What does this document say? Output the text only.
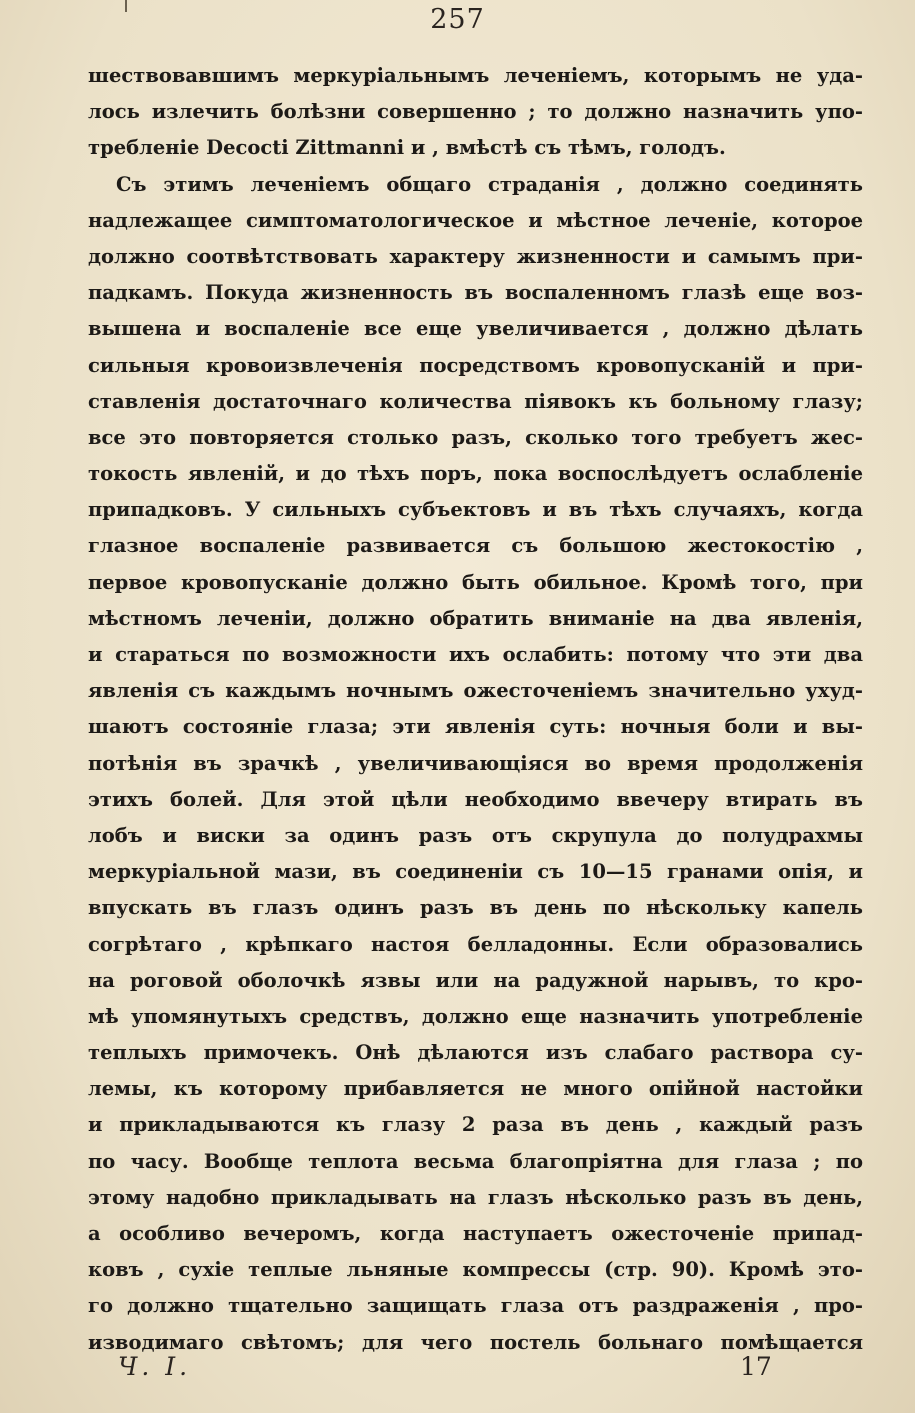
257
шествовавшимъ меркуріальнымъ леченіемъ, которымъ не уда-
лось излечить болѣзни совершенно ; то должно назначить упо-
требленіе Decocti Zittmanni и , вмѣстѣ съ тѣмъ, голодъ.
Съ этимъ леченіемъ общаго страданія , должно соединять
надлежащее симптоматологическое и мѣстное леченіе, которое
должно соотвѣтствовать характеру жизненности и самымъ при-
падкамъ. Покуда жизненность въ воспаленномъ глазѣ еще воз-
вышена и воспаленіе все еще увеличивается , должно дѣлать
сильныя кровоизвлеченія посредствомъ кровопусканій и при-
ставленія достаточнаго количества піявокъ къ больному глазу;
все это повторяется столько разъ, сколько того требуетъ жес-
токость явленій, и до тѣхъ поръ, пока воспослѣдуетъ ослабленіе
припадковъ. У сильныхъ субъектовъ и въ тѣхъ случаяхъ, когда
глазное воспаленіе развивается съ большою жестокостію ,
первое кровопусканіе должно быть обильное. Кромѣ того, при
мѣстномъ леченіи, должно обратить вниманіе на два явленія,
и стараться по возможности ихъ ослабить: потому что эти два
явленія съ каждымъ ночнымъ ожесточеніемъ значительно ухуд-
шаютъ состояніе глаза; эти явленія суть: ночныя боли и вы-
потѣнія въ зрачкѣ , увеличивающіяся во время продолженія
этихъ болей. Для этой цѣли необходимо ввечеру втирать въ
лобъ и виски за одинъ разъ отъ скрупула до полудрахмы
меркуріальной мази, въ соединеніи съ 10—15 гранами опія, и
впускать въ глазъ одинъ разъ въ день по нѣскольку капель
согрѣтаго , крѣпкаго настоя белладонны. Если образовались
на роговой оболочкѣ язвы или на радужной нарывъ, то кро-
мѣ упомянутыхъ средствъ, должно еще назначить употребленіе
теплыхъ примочекъ. Онѣ дѣлаются изъ слабаго раствора су-
лемы, къ которому прибавляется не много опійной настойки
и прикладываются къ глазу 2 раза въ день , каждый разъ
по часу. Вообще теплота весьма благопріятна для глаза ; по
этому надобно прикладывать на глазъ нѣсколько разъ въ день,
а особливо вечеромъ, когда наступаетъ ожесточеніе припад-
ковъ , сухіе теплые льняные компрессы (стр. 90). Кромѣ это-
го должно тщательно защищать глаза отъ раздраженія , про-
изводимаго свѣтомъ; для чего постель больнаго помѣщается
Ч. I.	17
